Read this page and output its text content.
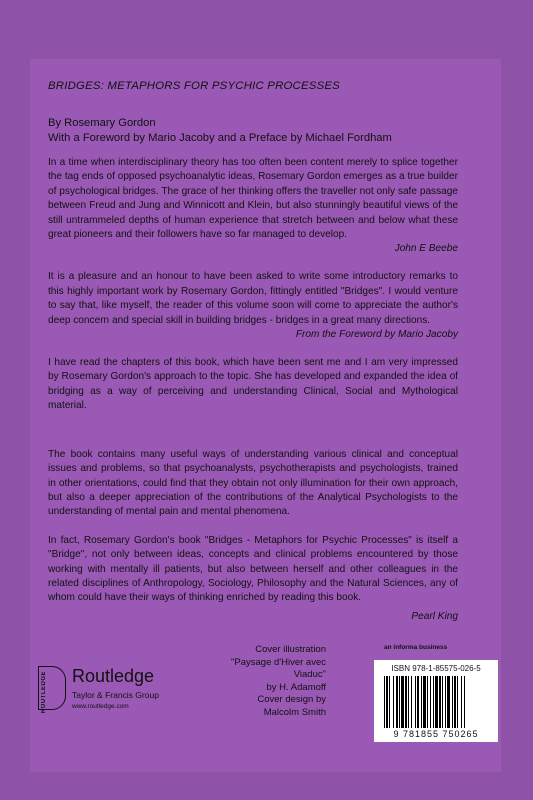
BRIDGES: METAPHORS FOR PSYCHIC PROCESSES

By Rosemary Gordon
With a Foreword by Mario Jacoby and a Preface by Michael Fordham

In a time when interdisciplinary theory has too often been content merely to splice together the tag ends of opposed psychoanalytic ideas, Rosemary Gordon emerges as a true builder of psychological bridges. The grace of her thinking offers the traveller not only safe passage between Freud and Jung and Winnicott and Klein, but also stunningly beautiful views of the still untrammeled depths of human experience that stretch between and below what these great pioneers and their followers have so far managed to develop.

John E Beebe

It is a pleasure and an honour to have been asked to write some introductory remarks to this highly important work by Rosemary Gordon, fittingly entitled "Bridges". I would venture to say that, like myself, the reader of this volume soon will come to appreciate the author's deep concern and special skill in building bridges - bridges in a great many directions.

From the Foreword by Mario Jacoby

I have read the chapters of this book, which have been sent me and I am very impressed by Rosemary Gordon's approach to the topic. She has developed and expanded the idea of bridging as a way of perceiving and understanding Clinical, Social and Mythological material.

The book contains many useful ways of understanding various clinical and conceptual issues and problems, so that psychoanalysts, psychotherapists and psychologists, trained in other orientations, could find that they obtain not only illumination for their own approach, but also a deeper appreciation of the contributions of the Analytical Psychologists to the understanding of mental pain and mental phenomena.

In fact, Rosemary Gordon's book "Bridges - Metaphors for Psychic Processes" is itself a "Bridge", not only between ideas, concepts and clinical problems encountered by those working with mentally ill patients, but also between herself and other colleagues in the related disciplines of Anthropology, Sociology, Philosophy and the Natural Sciences, any of whom could have their ways of thinking enriched by reading this book.

Pearl King

ROUTLEDGE Routledge
Taylor & Francis Group
www.routledge.com
Cover illustration
"Paysage d'Hiver avec Viaduc"
by H. Adamoff
Cover design by
Malcolm Smith
an informa business
ISBN 978-1-85575-026-5
9 781855 750265
